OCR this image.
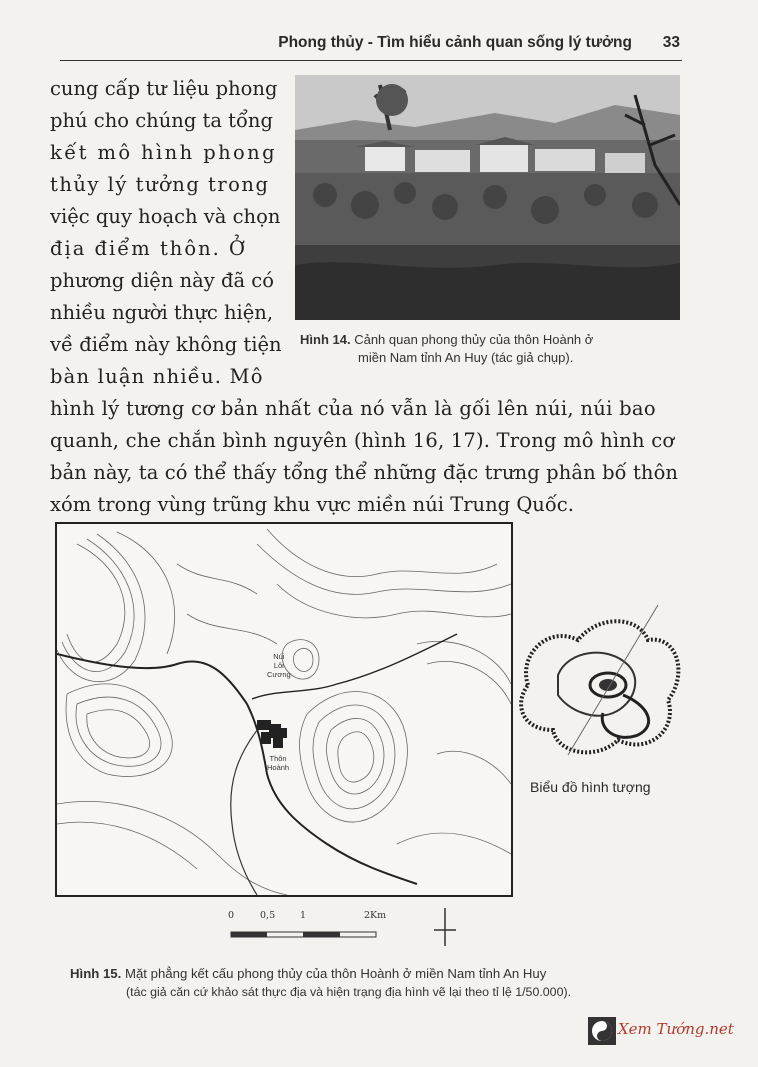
Phong thủy - Tìm hiểu cảnh quan sống lý tưởng 33
cung cấp tư liệu phong
phú cho chúng ta tổng
kết mô hình phong
thủy lý tưởng trong
việc quy hoạch và chọn
địa điểm thôn. Ở
phương diện này đã có
nhiều người thực hiện,
về điểm này không tiện
bàn luận nhiều. Mô
hình lý tương cơ bản nhất của nó vẫn là gối lên núi, núi bao
quanh, che chắn bình nguyên (hình 16, 17). Trong mô hình cơ
bản này, ta có thể thấy tổng thể những đặc trưng phân bố thôn
xóm trong vùng trũng khu vực miền núi Trung Quốc.
Hình 14. Cảnh quan phong thủy của thôn Hoành ở
miền Nam tỉnh An Huy (tác giả chụp).
Núi
Lôi
Cương
Thôn
Hoành
0	0,5	1	2Km
Biểu đồ hình tượng
Hình 15. Mặt phẳng kết cấu phong thủy của thôn Hoành ở miền Nam tỉnh An Huy
(tác giả căn cứ khảo sát thực địa và hiện trạng địa hình vẽ lại theo tỉ lệ 1/50.000).
Xem Tướng.net
